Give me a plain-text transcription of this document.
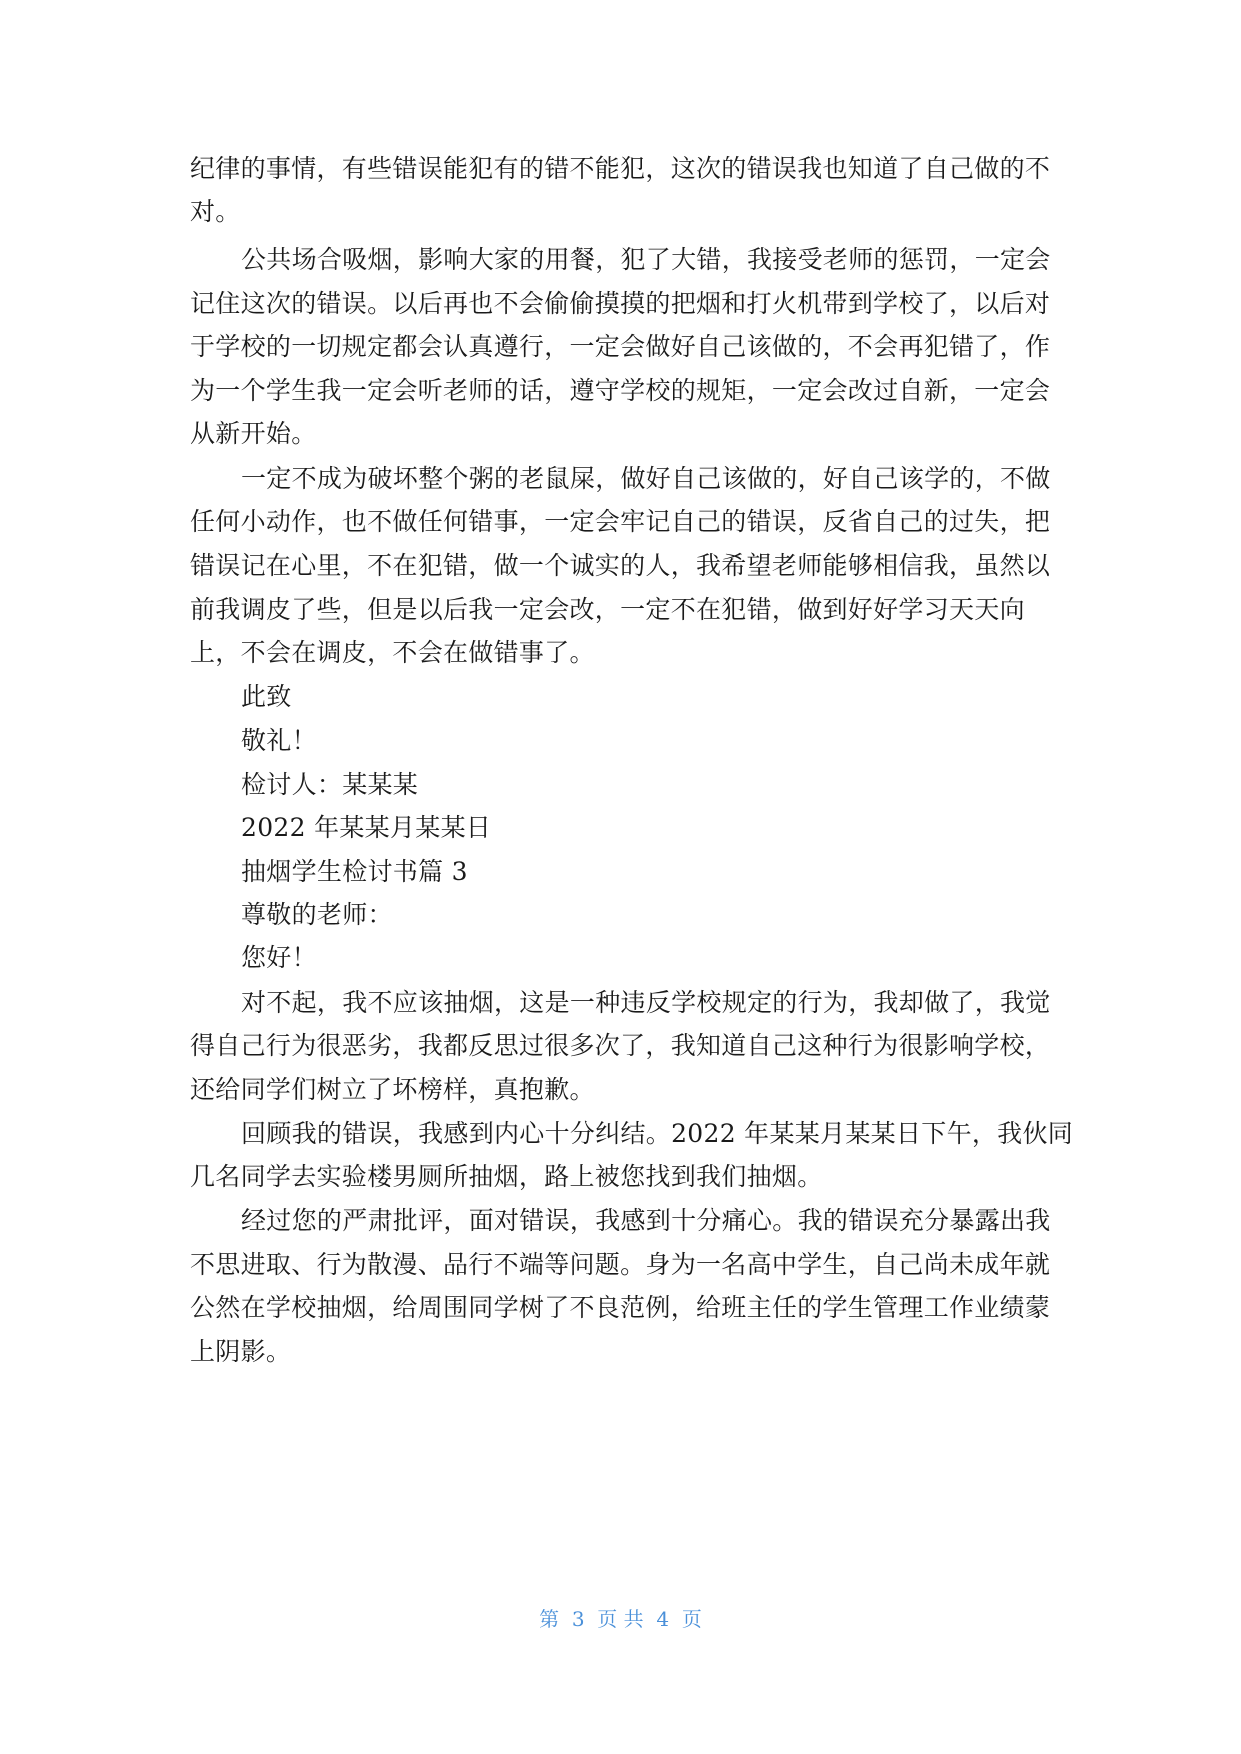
纪律的事情，有些错误能犯有的错不能犯，这次的错误我也知道了自己做的不
对。
公共场合吸烟，影响大家的用餐，犯了大错，我接受老师的惩罚，一定会
记住这次的错误。以后再也不会偷偷摸摸的把烟和打火机带到学校了，以后对
于学校的一切规定都会认真遵行，一定会做好自己该做的，不会再犯错了，作
为一个学生我一定会听老师的话，遵守学校的规矩，一定会改过自新，一定会
从新开始。
一定不成为破坏整个粥的老鼠屎，做好自己该做的，好自己该学的，不做
任何小动作，也不做任何错事，一定会牢记自己的错误，反省自己的过失，把
错误记在心里，不在犯错，做一个诚实的人，我希望老师能够相信我，虽然以
前我调皮了些，但是以后我一定会改，一定不在犯错，做到好好学习天天向
上，不会在调皮，不会在做错事了。
此致
敬礼！
检讨人：某某某
2022 年某某月某某日
抽烟学生检讨书篇 3
尊敬的老师：
您好！
对不起，我不应该抽烟，这是一种违反学校规定的行为，我却做了，我觉
得自己行为很恶劣，我都反思过很多次了，我知道自己这种行为很影响学校，
还给同学们树立了坏榜样，真抱歉。
回顾我的错误，我感到内心十分纠结。2022 年某某月某某日下午，我伙同
几名同学去实验楼男厕所抽烟，路上被您找到我们抽烟。
经过您的严肃批评，面对错误，我感到十分痛心。我的错误充分暴露出我
不思进取、行为散漫、品行不端等问题。身为一名高中学生，自己尚未成年就
公然在学校抽烟，给周围同学树了不良范例，给班主任的学生管理工作业绩蒙
上阴影。
第  3  页 共  4  页
